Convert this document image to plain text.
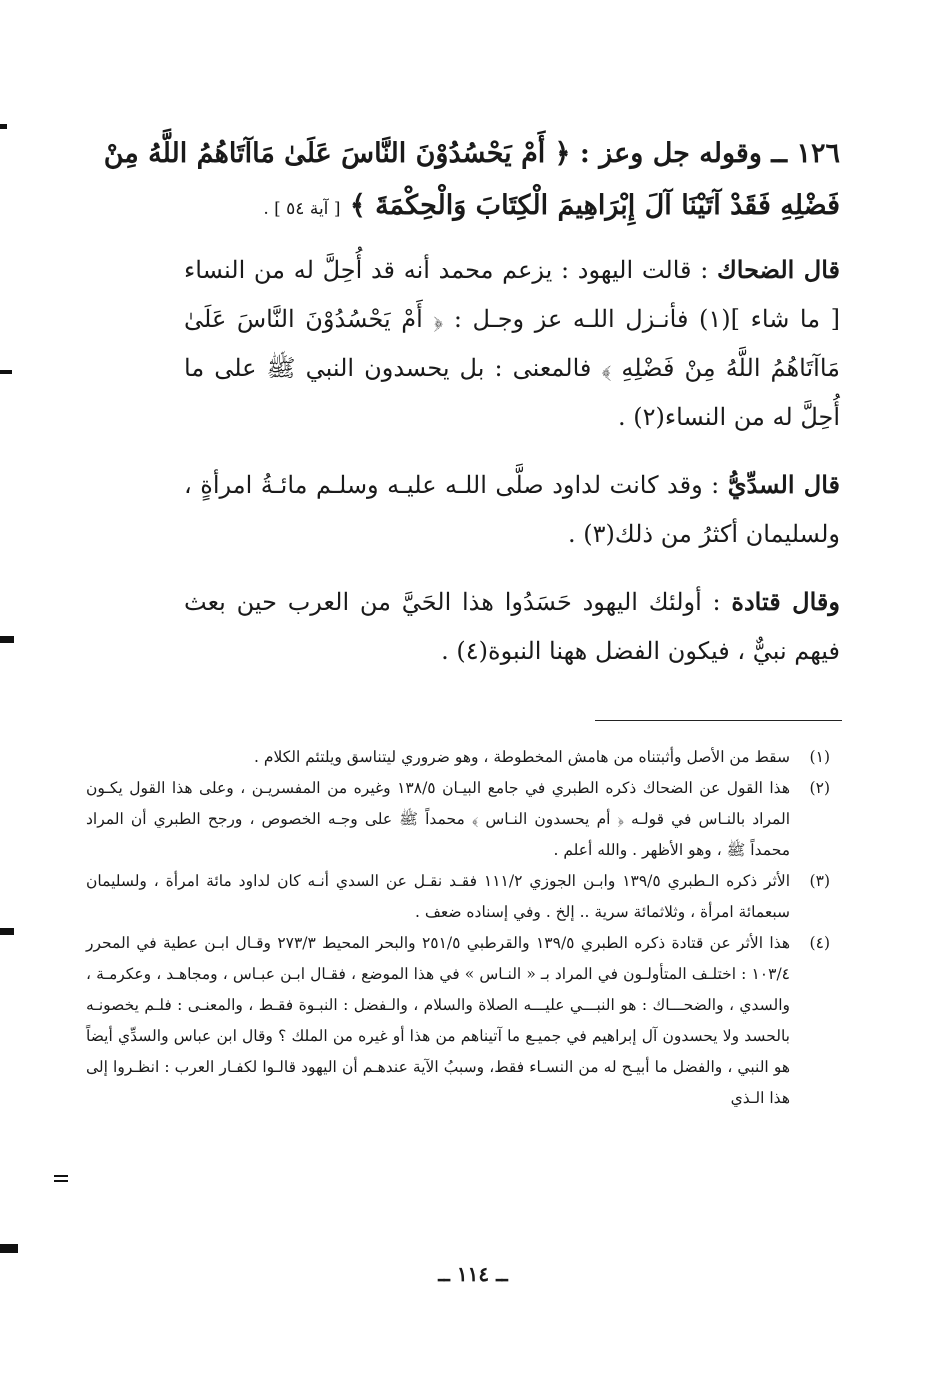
١٢٦ ــ وقوله جل وعز : ﴿ أَمْ يَحْسُدُوْنَ النَّاسَ عَلَىٰ مَاآتَاهُمُ اللَّهُ مِنْ
فَضْلِهِ فَقَدْ آتَيْنَا آلَ إِبْرَاهِيمَ الْكِتَابَ وَالْحِكْمَةَ ﴾ [ آية ٥٤ ] .

قال الضحاك : قالت اليهود : يزعم محمد أنه قد أُحِلَّ له من النساء [ ما شاء ](١) فأنـزل اللـه عز وجـل : ﴿ أَمْ يَحْسُدُوْنَ النَّاسَ عَلَىٰ مَاآتَاهُمُ اللَّهُ مِنْ فَضْلِهِ ﴾ فالمعنى : بل يحسدون النبي ﷺ على ما أُحِلَّ له من النساء(٢) .

قال السدِّيُّ : وقد كانت لداود صلَّى اللـه عليـه وسلـم مائـةُ امرأةٍ ، ولسليمان أكثرُ من ذلك(٣) .

وقال قتادة : أولئك اليهود حَسَدُوا هذا الحَيَّ من العرب حين بعث فيهم نبيٌّ ، فيكون الفضل ههنا النبوة(٤) .

(١)
سقط من الأصل وأثبتناه من هامش المخطوطة ، وهو ضروري ليتناسق ويلتئم الكلام .
(٢)
هذا القول عن الضحاك ذكره الطبري في جامع البيـان ١٣٨/٥ وغيره من المفسريـن ، وعلى هذا القول يكـون المراد بالنـاس في قولـه ﴿ أم يحسدون النـاس ﴾ محمداً ﷺ على وجـه الخصوص ، ورجح الطبري أن المراد محمداً ﷺ ، وهو الأظهر . والله أعلم .
(٣)
الأثر ذكره الـطبري ١٣٩/٥ وابـن الجوزي ١١١/٢ فقـد نقـل عن السدي أنـه كان لداود مائة امرأة ، ولسليمان سبعمائة امرأة ، وثلاثمائة سرية .. إلخ . وفي إسناده ضعف .
(٤)
هذا الأثر عن قتادة ذكره الطبري ١٣٩/٥ والقرطبي ٢٥١/٥ والبحر المحيط ٢٧٣/٣ وقـال ابـن عطية في المحرر ١٠٣/٤ : اختلـف المتأولـون في المراد بـ « النـاس » في هذا الموضع ، فقـال ابـن عبـاس ، ومجاهـد ، وعكرمـة ، والسدي ، والضحـــاك : هو النبـــي عليـــه الصلاة والسلام ، والـفضل : النبـوة فقـط ، والمعنـى : فلـم يخصونـه بالحسد ولا يحسدون آل إبراهيم في جميـع ما آتيناهم من هذا أو غيره من الملك ؟ وقال ابن عباس والسدِّي أيضاً هو النبي ، والفضل ما أبيـح له من النسـاء فقط، وسببُ الآية عندهـم أن اليهود قالـوا لكفـار العرب : انظـروا إلى هذا الـذي
ــ ١١٤ ــ
